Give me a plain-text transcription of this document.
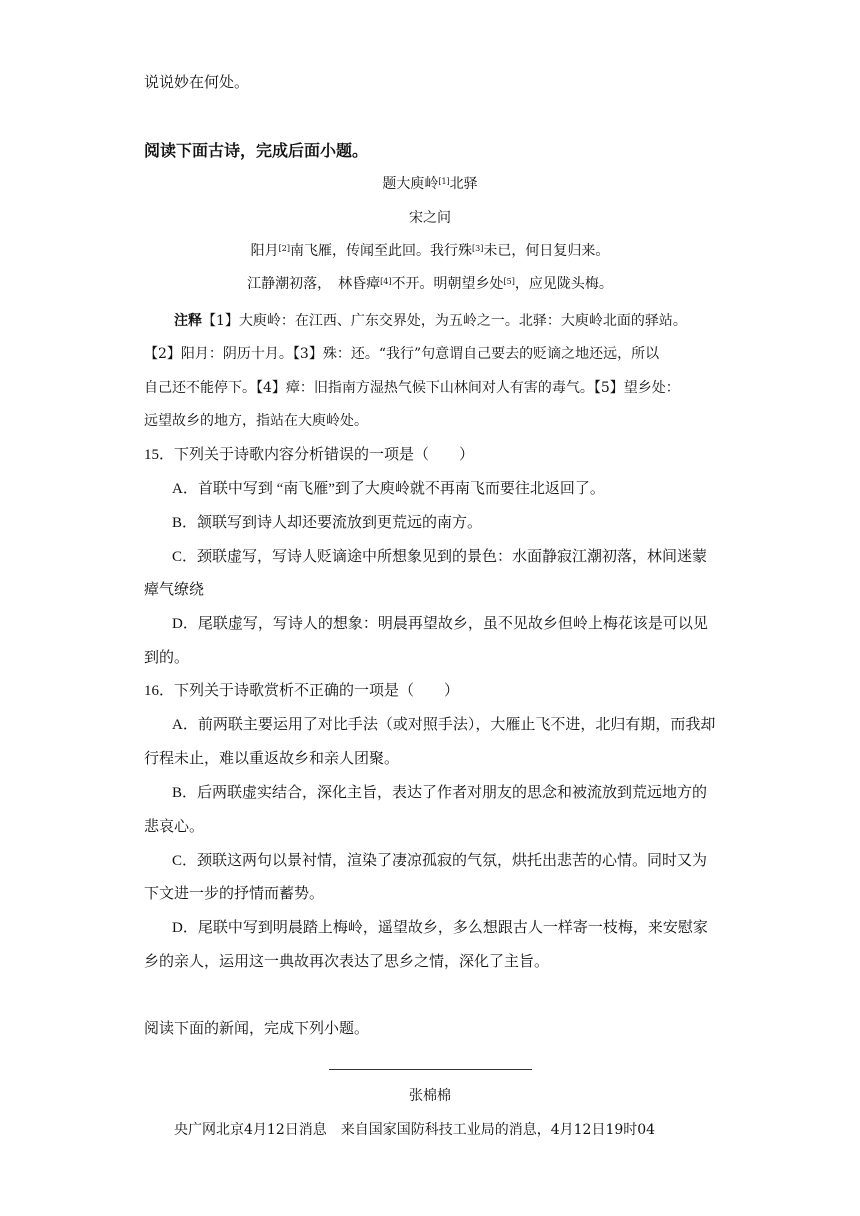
说说妙在何处。
阅读下面古诗，完成后面小题。
题大庾岭[1]北驿
宋之问
阳月[2]南飞雁，传闻至此回。我行殊[3]未已，何日复归来。
江静潮初落，　林昏瘴[4]不开。明朝望乡处[5]，应见陇头梅。
注释【1】大庾岭：在江西、广东交界处，为五岭之一。北驿：大庾岭北面的驿站。
【2】阳月：阴历十月。【3】殊：还。“我行”句意谓自己要去的贬谪之地还远，所以
自己还不能停下。【4】瘴：旧指南方湿热气候下山林间对人有害的毒气。【5】望乡处：
远望故乡的地方，指站在大庾岭处。
15．下列关于诗歌内容分析错误的一项是（　　）
A．首联中写到 “南飞雁”到了大庾岭就不再南飞而要往北返回了。
B．颔联写到诗人却还要流放到更荒远的南方。
C．颈联虚写，写诗人贬谪途中所想象见到的景色：水面静寂江潮初落，林间迷蒙
瘴气缭绕
D．尾联虚写，写诗人的想象：明晨再望故乡，虽不见故乡但岭上梅花该是可以见
到的。
16．下列关于诗歌赏析不正确的一项是（　　）
A．前两联主要运用了对比手法（或对照手法），大雁止飞不进，北归有期，而我却
行程未止，难以重返故乡和亲人团聚。
B．后两联虚实结合，深化主旨，表达了作者对朋友的思念和被流放到荒远地方的
悲哀心。
C．颈联这两句以景衬情，渲染了凄凉孤寂的气氛，烘托出悲苦的心情。同时又为
下文进一步的抒情而蓄势。
D．尾联中写到明晨踏上梅岭，遥望故乡，多么想跟古人一样寄一枝梅，来安慰家
乡的亲人，运用这一典故再次表达了思乡之情，深化了主旨。
阅读下面的新闻，完成下列小题。
张棉棉
央广网北京4月12日消息　来自国家国防科技工业局的消息，4月12日19时04
